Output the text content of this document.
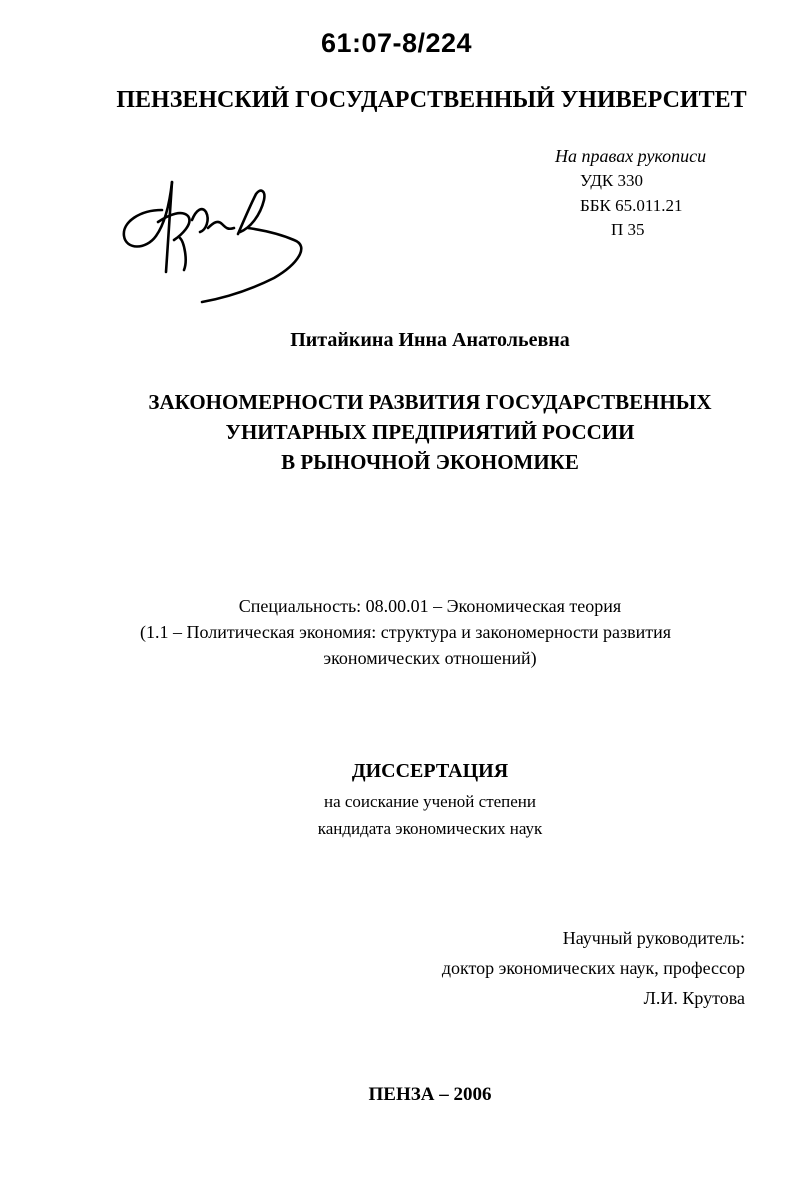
61:07-8/224
ПЕНЗЕНСКИЙ ГОСУДАРСТВЕННЫЙ УНИВЕРСИТЕТ
На правах рукописи
УДК 330
ББК 65.011.21
П 35
Питайкина Инна Анатольевна
ЗАКОНОМЕРНОСТИ РАЗВИТИЯ ГОСУДАРСТВЕННЫХ
УНИТАРНЫХ ПРЕДПРИЯТИЙ РОССИИ
В РЫНОЧНОЙ ЭКОНОМИКЕ
Специальность: 08.00.01 – Экономическая теория
(1.1 – Политическая экономия: структура и закономерности развития
экономических отношений)
ДИССЕРТАЦИЯ
на соискание ученой степени
кандидата экономических наук
Научный руководитель:
доктор экономических наук, профессор
Л.И. Крутова
ПЕНЗА – 2006
